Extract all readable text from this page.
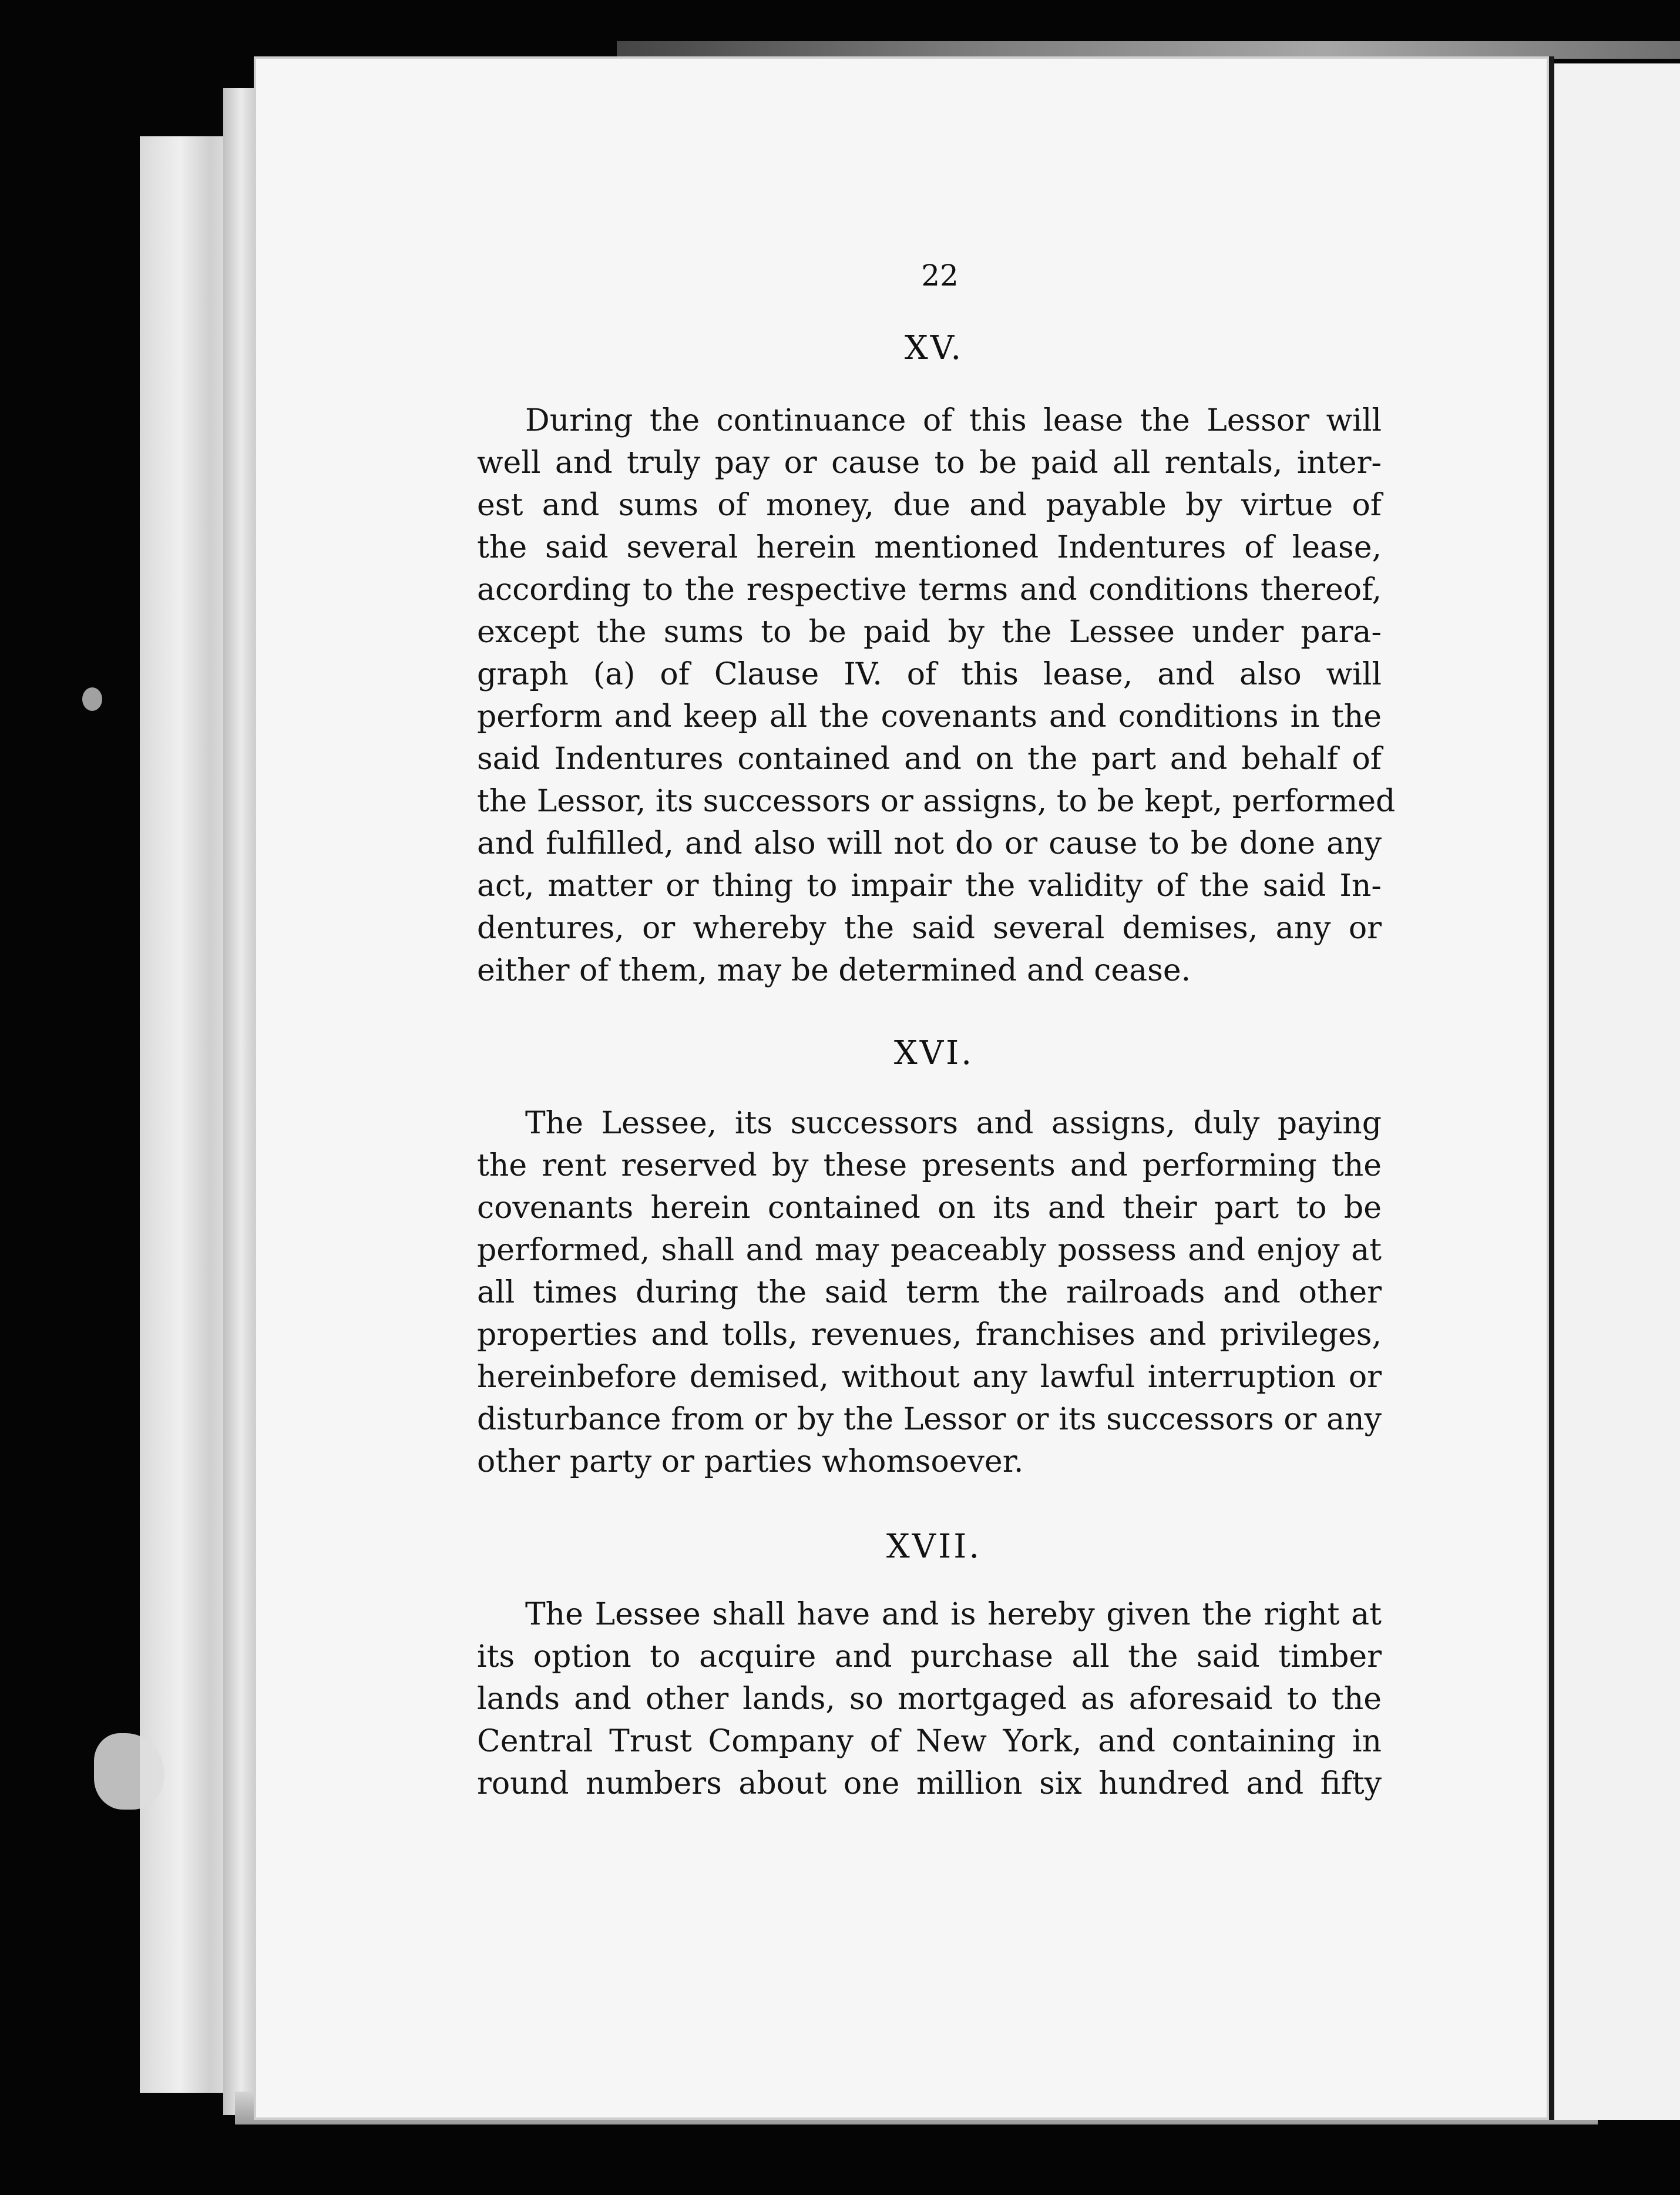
22
XV.
During the continuance of this lease the Lessor will
well and truly pay or cause to be paid all rentals, inter-
est and sums of money, due and payable by virtue of
the said several herein mentioned Indentures of lease,
according to the respective terms and conditions thereof,
except the sums to be paid by the Lessee under para-
graph (a) of Clause IV. of this lease, and also will
perform and keep all the covenants and conditions in the
said Indentures contained and on the part and behalf of
the Lessor, its successors or assigns, to be kept, performed
and fulfilled, and also will not do or cause to be done any
act, matter or thing to impair the validity of the said In-
dentures, or whereby the said several demises, any or
either of them, may be determined and cease.
XVI.
The Lessee, its successors and assigns, duly paying
the rent reserved by these presents and performing the
covenants herein contained on its and their part to be
performed, shall and may peaceably possess and enjoy at
all times during the said term the railroads and other
properties and tolls, revenues, franchises and privileges,
hereinbefore demised, without any lawful interruption or
disturbance from or by the Lessor or its successors or any
other party or parties whomsoever.
XVII.
The Lessee shall have and is hereby given the right at
its option to acquire and purchase all the said timber
lands and other lands, so mortgaged as aforesaid to the
Central Trust Company of New York, and containing in
round numbers about one million six hundred and fifty
